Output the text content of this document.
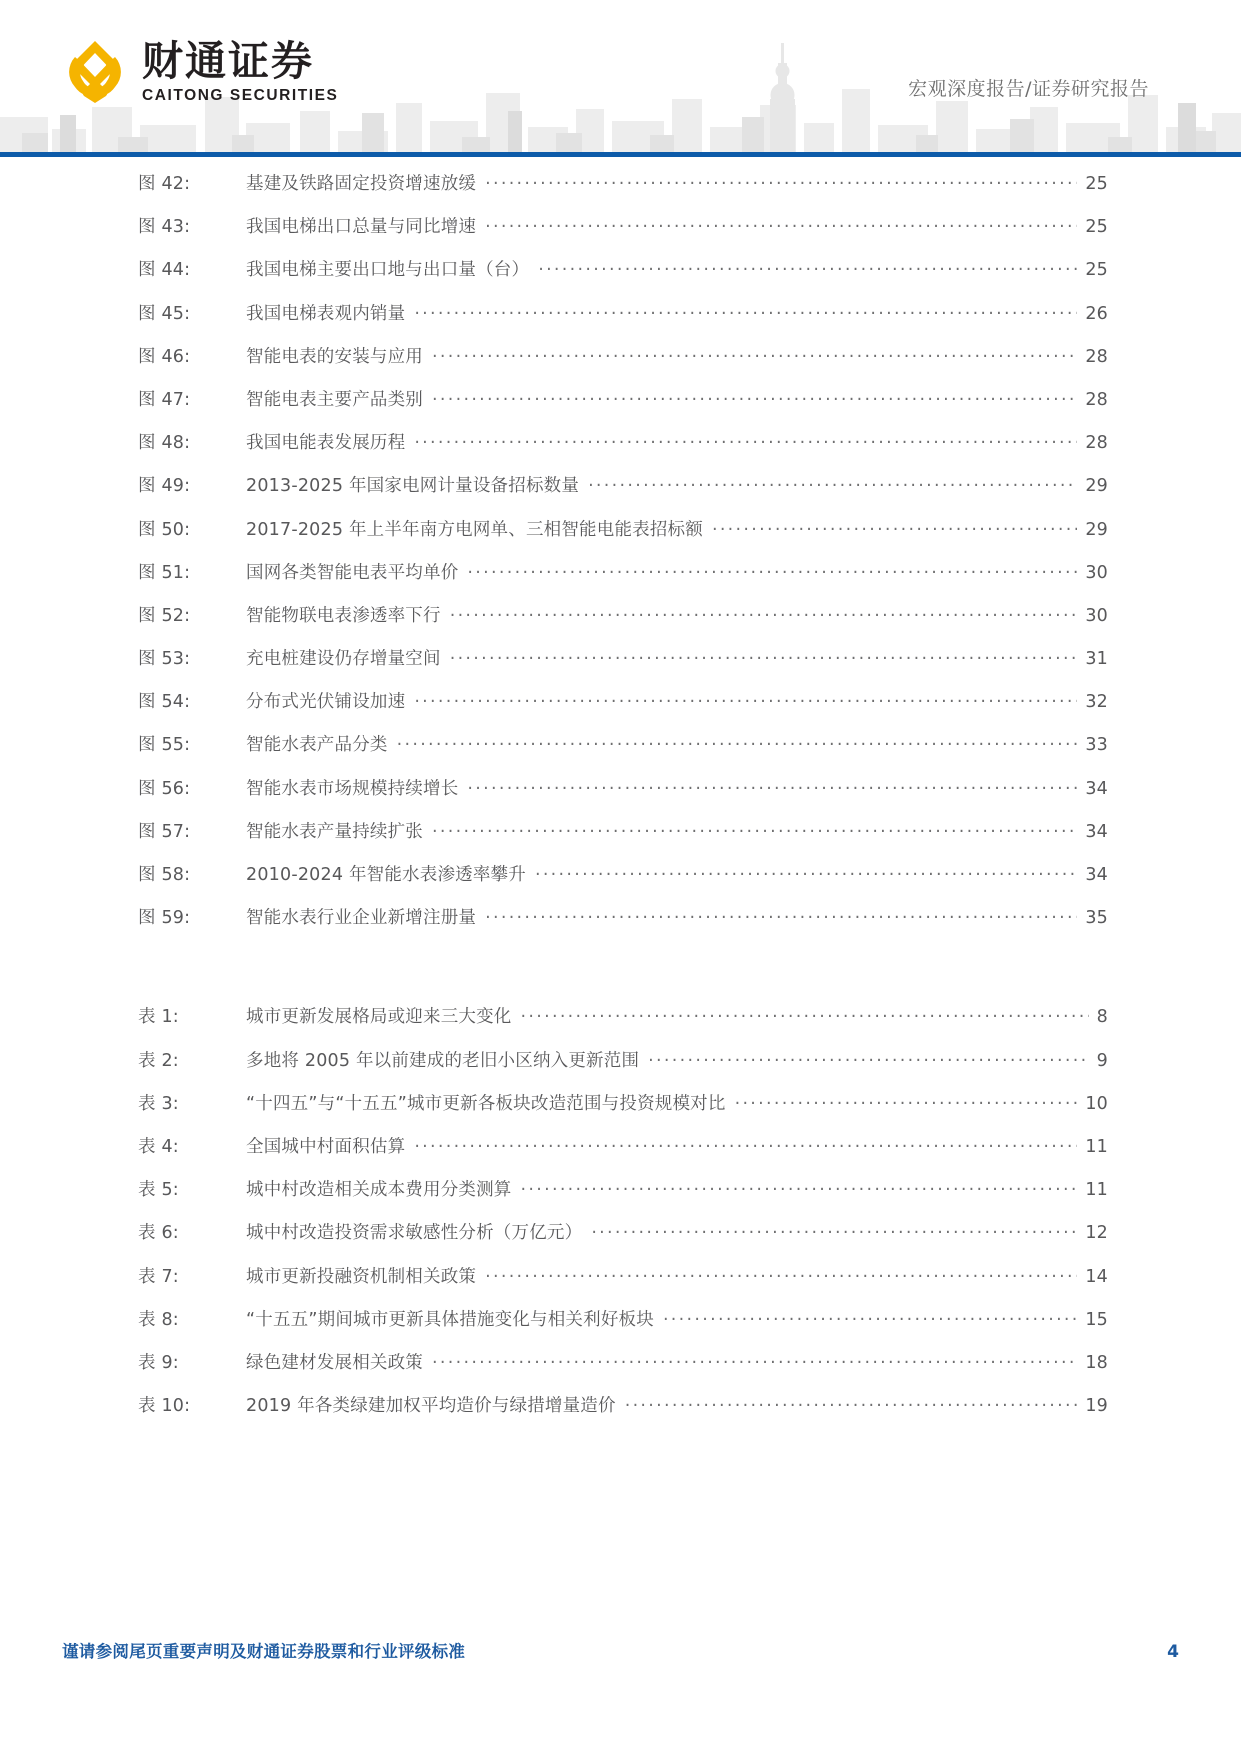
财通证券
CAITONG SECURITIES	宏观深度报告/证券研究报告
图 42:	基建及铁路固定投资增速放缓 .....	25
图 43:	我国电梯出口总量与同比增速 .....	25
图 44:	我国电梯主要出口地与出口量（台） .....	25
图 45:	我国电梯表观内销量 .....	26
图 46:	智能电表的安装与应用 .....	28
图 47:	智能电表主要产品类别 .....	28
图 48:	我国电能表发展历程 .....	28
图 49:	2013-2025 年国家电网计量设备招标数量 .....	29
图 50:	2017-2025 年上半年南方电网单、三相智能电能表招标额 .....	29
图 51:	国网各类智能电表平均单价 .....	30
图 52:	智能物联电表渗透率下行 .....	30
图 53:	充电桩建设仍存增量空间 .....	31
图 54:	分布式光伏铺设加速 .....	32
图 55:	智能水表产品分类 .....	33
图 56:	智能水表市场规模持续增长 .....	34
图 57:	智能水表产量持续扩张 .....	34
图 58:	2010-2024 年智能水表渗透率攀升 .....	34
图 59:	智能水表行业企业新增注册量 .....	35
表 1:	城市更新发展格局或迎来三大变化 .....	8
表 2:	多地将 2005 年以前建成的老旧小区纳入更新范围 .....	9
表 3:	“十四五”与“十五五”城市更新各板块改造范围与投资规模对比 .....	10
表 4:	全国城中村面积估算 .....	11
表 5:	城中村改造相关成本费用分类测算 .....	11
表 6:	城中村改造投资需求敏感性分析（万亿元） .....	12
表 7:	城市更新投融资机制相关政策 .....	14
表 8:	“十五五”期间城市更新具体措施变化与相关利好板块 .....	15
表 9:	绿色建材发展相关政策 .....	18
表 10:	2019 年各类绿建加权平均造价与绿措增量造价 .....	19
谨请参阅尾页重要声明及财通证券股票和行业评级标准	4
